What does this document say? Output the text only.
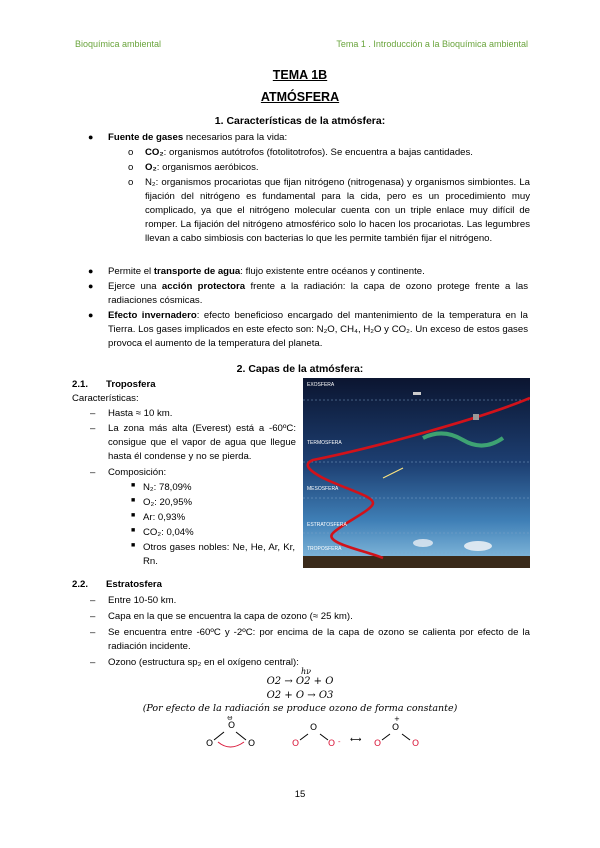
Bioquímica ambiental	Tema 1 . Introducción a la Bioquímica ambiental
TEMA 1B
ATMÓSFERA
1. Características de la atmósfera:
● Fuente de gases necesarios para la vida:
o CO₂: organismos autótrofos (fotolitotrofos). Se encuentra a bajas cantidades.
o O₂: organismos aeróbicos.
o N₂: organismos procariotas que fijan nitrógeno (nitrogenasa) y organismos simbiontes. La fijación del nitrógeno es fundamental para la cida, pero es un procedimiento muy complicado, ya que el nitrógeno molecular cuenta con un triple enlace muy difícil de romper. La fijación del nitrógeno atmosférico solo lo hacen los procariotas. Las legumbres llevan a cabo simbiosis con bacterias lo que les permite también fijar el nitrógeno.
● Permite el transporte de agua: flujo existente entre océanos y continente.
● Ejerce una acción protectora frente a la radiación: la capa de ozono protege frente a las radiaciones cósmicas.
● Efecto invernadero: efecto beneficioso encargado del mantenimiento de la temperatura en la Tierra. Los gases implicados en este efecto son: N₂O, CH₄, H₂O y CO₂. Un exceso de estos gases provoca el aumento de la temperatura del planeta.
2. Capas de la atmósfera:
2.1. Troposfera
Características:
– Hasta ≈ 10 km.
– La zona más alta (Everest) está a -60ºC: consigue que el vapor de agua que llegue hasta él condense y no se pierda.
– Composición:
■ N₂: 78,09%
■ O₂: 20,95%
■ Ar: 0,93%
■ CO₂: 0,04%
■ Otros gases nobles: Ne, He, Ar, Kr, Rn.
EXOSFERA
TERMOSFERA
MESOSFERA
ESTRATOSFERA
TROPOSFERA
2.2. Estratosfera
– Entre 10-50 km.
– Capa en la que se encuentra la capa de ozono (≈ 25 km).
– Se encuentra entre -60ºC y -2ºC: por encima de la capa de ozono se calienta por efecto de la radiación incidente.
– Ozono (estructura sp₂ en el oxígeno central):
hν
O2 → O2 + O
O2 + O → O3
(Por efecto de la radiación se produce ozono de forma constante)
O
O	O
⊖
O
O	O - ⟷
O
O	O
+
15
